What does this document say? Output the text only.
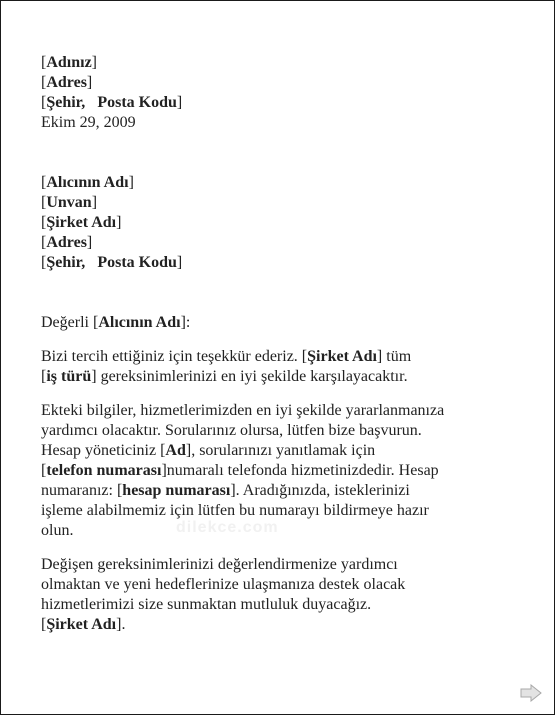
[Adınız]
[Adres]
[Şehir, Posta Kodu]
Ekim 29, 2009
[Alıcının Adı]
[Unvan]
[Şirket Adı]
[Adres]
[Şehir, Posta Kodu]
Değerli [Alıcının Adı]:
Bizi tercih ettiğiniz için teşekkür ederiz. [Şirket Adı] tüm
[iş türü] gereksinimlerinizi en iyi şekilde karşılayacaktır.
Ekteki bilgiler, hizmetlerimizden en iyi şekilde yararlanmanıza
yardımcı olacaktır. Sorularınız olursa, lütfen bize başvurun.
Hesap yöneticiniz [Ad], sorularınızı yanıtlamak için
[telefon numarası]numaralı telefonda hizmetinizdedir. Hesap
numaranız: [hesap numarası]. Aradığınızda, isteklerinizi
işleme alabilmemiz için lütfen bu numarayı bildirmeye hazır
olun.
Değişen gereksinimlerinizi değerlendirmenize yardımcı
olmaktan ve yeni hedeflerinize ulaşmanıza destek olacak
hizmetlerimizi size sunmaktan mutluluk duyacağız.
[Şirket Adı].
dilekce.com
